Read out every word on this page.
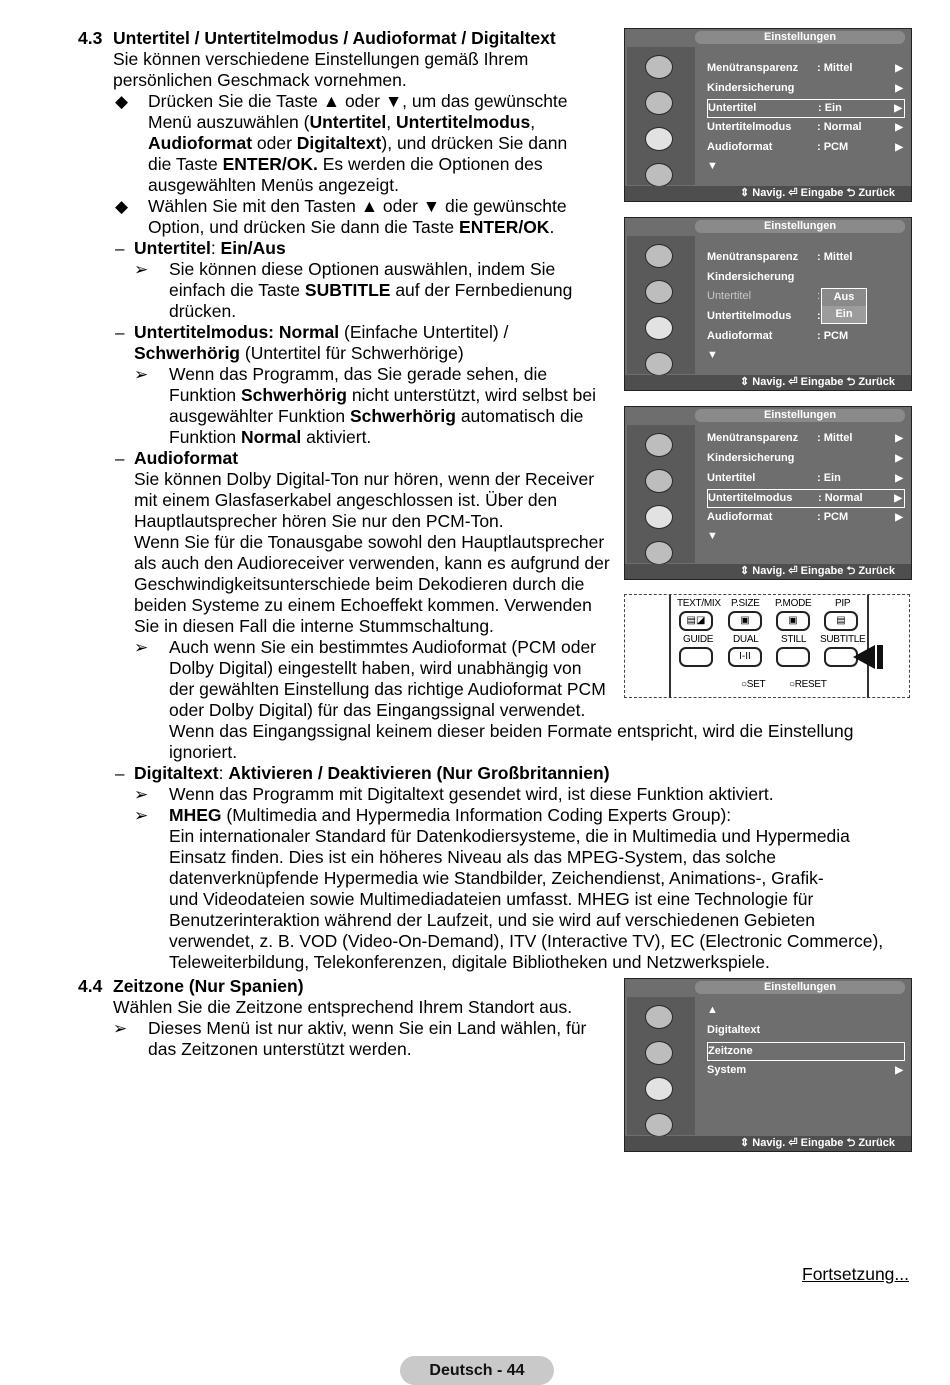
4.3 Untertitel / Untertitelmodus / Audioformat / Digitaltext
Sie können verschiedene Einstellungen gemäß Ihrem
persönlichen Geschmack vornehmen.
◆ Drücken Sie die Taste ▲ oder ▼, um das gewünschte
Menü auszuwählen (Untertitel, Untertitelmodus,
Audioformat oder Digitaltext), und drücken Sie dann
die Taste ENTER/OK. Es werden die Optionen des
ausgewählten Menüs angezeigt.
◆ Wählen Sie mit den Tasten ▲ oder ▼ die gewünschte
Option, und drücken Sie dann die Taste ENTER/OK.
– Untertitel: Ein/Aus
➢ Sie können diese Optionen auswählen, indem Sie
einfach die Taste SUBTITLE auf der Fernbedienung
drücken.
– Untertitelmodus: Normal (Einfache Untertitel) /
Schwerhörig (Untertitel für Schwerhörige)
➢ Wenn das Programm, das Sie gerade sehen, die
Funktion Schwerhörig nicht unterstützt, wird selbst bei
ausgewählter Funktion Schwerhörig automatisch die
Funktion Normal aktiviert.
– Audioformat
Sie können Dolby Digital-Ton nur hören, wenn der Receiver
mit einem Glasfaserkabel angeschlossen ist. Über den
Hauptlautsprecher hören Sie nur den PCM-Ton.
Wenn Sie für die Tonausgabe sowohl den Hauptlautsprecher
als auch den Audioreceiver verwenden, kann es aufgrund der
Geschwindigkeitsunterschiede beim Dekodieren durch die
beiden Systeme zu einem Echoeffekt kommen. Verwenden
Sie in diesen Fall die interne Stummschaltung.
➢ Auch wenn Sie ein bestimmtes Audioformat (PCM oder
Dolby Digital) eingestellt haben, wird unabhängig von
der gewählten Einstellung das richtige Audioformat PCM
oder Dolby Digital) für das Eingangssignal verwendet.
Wenn das Eingangssignal keinem dieser beiden Formate entspricht, wird die Einstellung
ignoriert.
– Digitaltext: Aktivieren / Deaktivieren (Nur Großbritannien)
➢ Wenn das Programm mit Digitaltext gesendet wird, ist diese Funktion aktiviert.
➢ MHEG (Multimedia and Hypermedia Information Coding Experts Group):
Ein internationaler Standard für Datenkodiersysteme, die in Multimedia und Hypermedia
Einsatz finden. Dies ist ein höheres Niveau als das MPEG-System, das solche
datenverknüpfende Hypermedia wie Standbilder, Zeichendienst, Animations-, Grafik-
und Videodateien sowie Multimediadateien umfasst. MHEG ist eine Technologie für
Benutzerinteraktion während der Laufzeit, und sie wird auf verschiedenen Gebieten
verwendet, z. B. VOD (Video-On-Demand), ITV (Interactive TV), EC (Electronic Commerce),
Teleweiterbildung, Telekonferenzen, digitale Bibliotheken und Netzwerkspiele.
4.4 Zeitzone (Nur Spanien)
Wählen Sie die Zeitzone entsprechend Ihrem Standort aus.
➢ Dieses Menü ist nur aktiv, wenn Sie ein Land wählen, für
das Zeitzonen unterstützt werden.
Einstellungen
Menütransparenz : Mittel	▶
Kindersicherung	▶
Untertitel	: Ein	▶
Untertitelmodus : Normal	▶
Audioformat	: PCM	▶
▼
⇕ Navig. ⏎ Eingabe ⮌ Zurück
Einstellungen
Menütransparenz : Mittel
Kindersicherung
Untertitel	:
Untertitelmodus :
Audioformat	: PCM
▼
Aus
Ein
⇕ Navig. ⏎ Eingabe ⮌ Zurück
Einstellungen
Menütransparenz : Mittel	▶
Kindersicherung	▶
Untertitel	: Ein	▶
Untertitelmodus : Normal	▶
Audioformat	: PCM	▶
▼
⇕ Navig. ⏎ Eingabe ⮌ Zurück
TEXT/MIX P.SIZE P.MODE PIP
▤◪	▣	▣	▤
GUIDE DUAL STILL SUBTITLE
I-II
○SET ○RESET
Einstellungen
▲
Digitaltext
Zeitzone
System	▶
⇕ Navig. ⏎ Eingabe ⮌ Zurück
Fortsetzung...
Deutsch - 44
